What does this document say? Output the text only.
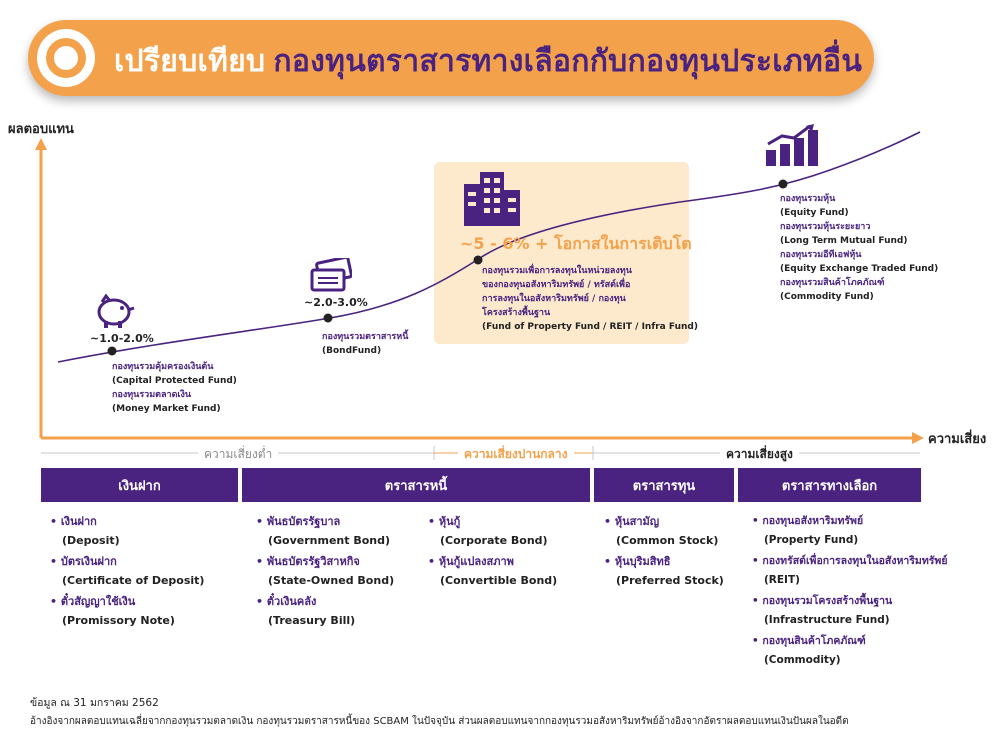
เปรียบเทียบ กองทุนตราสารทางเลือกกับกองทุนประเภทอื่น
ผลตอบแทน
ความเสี่ยง
~1.0-2.0%
~2.0-3.0%
~5 - 6% + โอกาสในการเติบโต
กองทุนรวมคุ้มครองเงินต้น
(Capital Protected Fund)
กองทุนรวมตลาดเงิน
(Money Market Fund)
กองทุนรวมตราสารหนี้
(BondFund)
กองทุนรวมเพื่อการลงทุนในหน่วยลงทุน
ของกองทุนอสังหาริมทรัพย์ / ทรัสต์เพื่อ
การลงทุนในอสังหาริมทรัพย์ / กองทุน
โครงสร้างพื้นฐาน
(Fund of Property Fund / REIT / Infra Fund)
กองทุนรวมหุ้น
(Equity Fund)
กองทุนรวมหุ้นระยะยาว
(Long Term Mutual Fund)
กองทุนรวมอีทีเอฟหุ้น
(Equity Exchange Traded Fund)
กองทุนรวมสินค้าโภคภัณฑ์
(Commodity Fund)
ความเสี่ยงต่ำ	ความเสี่ยงปานกลาง	ความเสี่ยงสูง
เงินฝาก	ตราสารหนี้	ตราสารทุน	ตราสารทางเลือก
• เงินฝาก
(Deposit)
• บัตรเงินฝาก
(Certificate of Deposit)
• ตั๋วสัญญาใช้เงิน
(Promissory Note)
• พันธบัตรรัฐบาล
(Government Bond)
• พันธบัตรรัฐวิสาหกิจ
(State-Owned Bond)
• ตั๋วเงินคลัง
(Treasury Bill)
• หุ้นกู้
(Corporate Bond)
• หุ้นกู้แปลงสภาพ
(Convertible Bond)
• หุ้นสามัญ
(Common Stock)
• หุ้นบุริมสิทธิ
(Preferred Stock)
• กองทุนอสังหาริมทรัพย์
(Property Fund)
• กองทรัสต์เพื่อการลงทุนในอสังหาริมทรัพย์
(REIT)
• กองทุนรวมโครงสร้างพื้นฐาน
(Infrastructure Fund)
• กองทุนสินค้าโภคภัณฑ์
(Commodity)
ข้อมูล ณ 31 มกราคม 2562
อ้างอิงจากผลตอบแทนเฉลี่ยจากกองทุนรวมตลาดเงิน กองทุนรวมตราสารหนี้ของ SCBAM ในปัจจุบัน ส่วนผลตอบแทนจากกองทุนรวมอสังหาริมทรัพย์อ้างอิงจากอัตราผลตอบแทนเงินปันผลในอดีต
